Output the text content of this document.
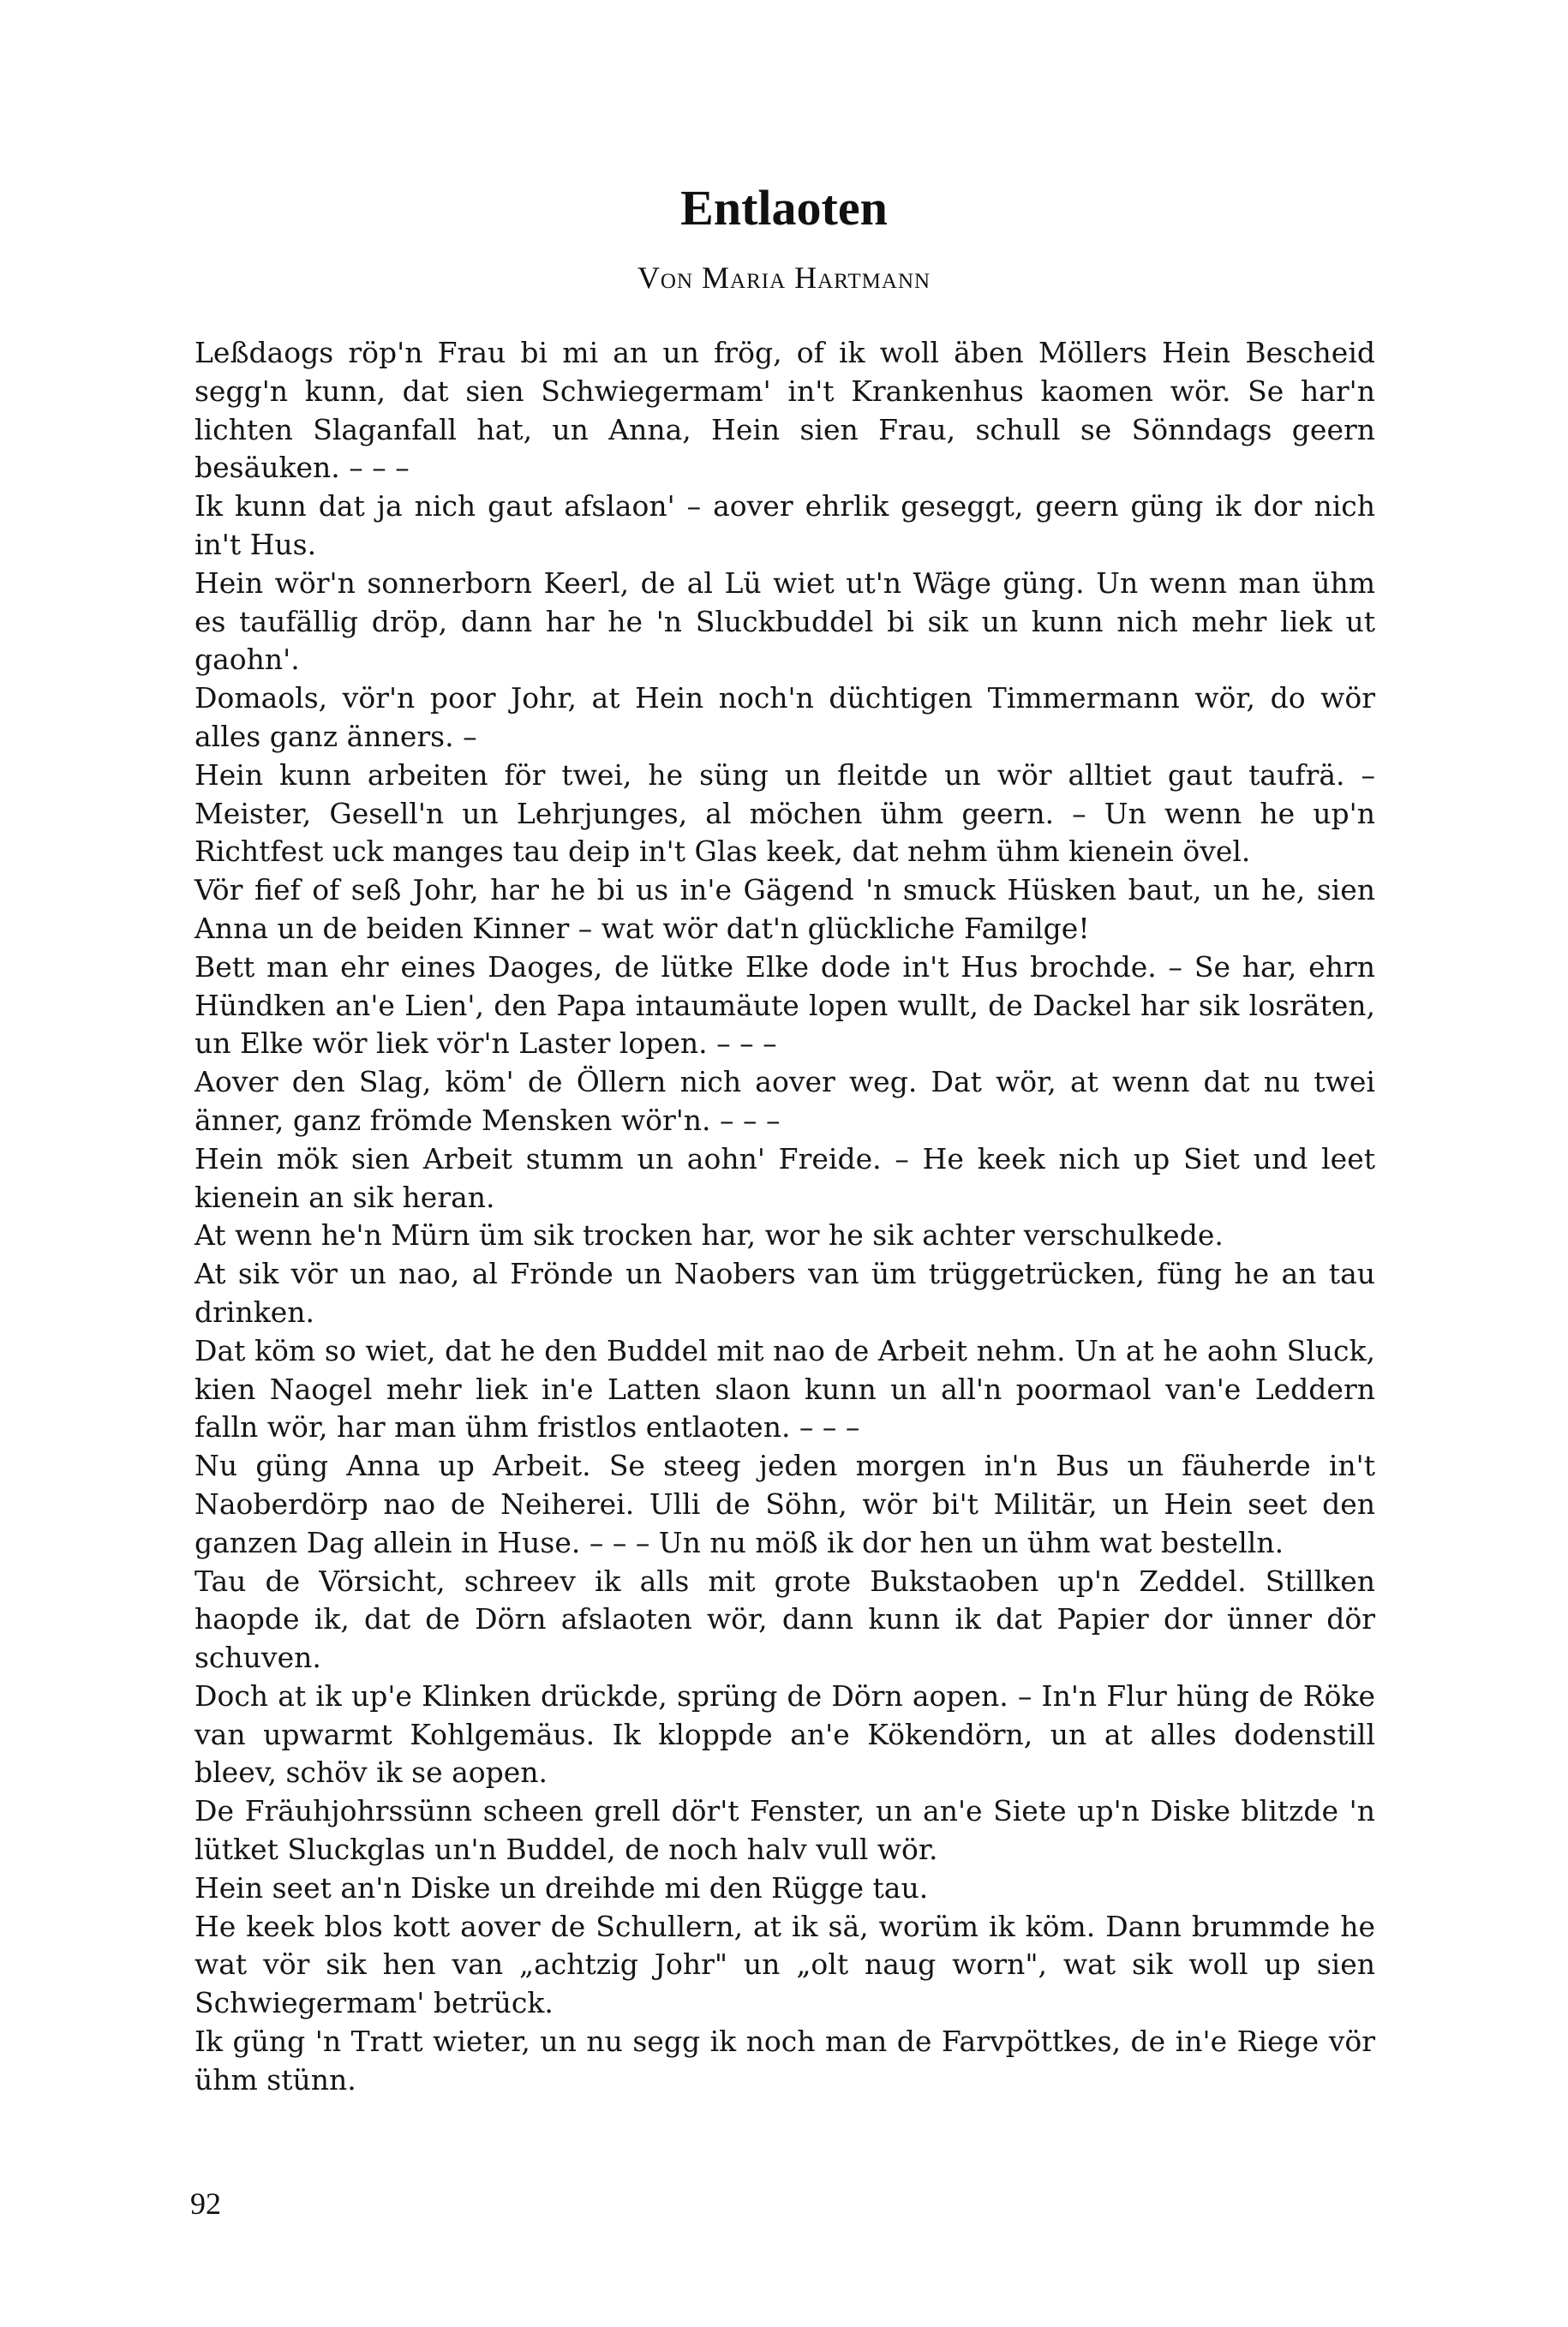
Entlaoten
Von Maria Hartmann

Leßdaogs röp'n Frau bi mi an un frög, of ik woll äben Möllers Hein Bescheid segg'n kunn, dat sien Schwiegermam' in't Krankenhus kaomen wör. Se har'n lichten Slaganfall hat, un Anna, Hein sien Frau, schull se Sönndags geern besäuken. – – –

Ik kunn dat ja nich gaut afslaon' – aover ehrlik geseggt, geern güng ik dor nich in't Hus.

Hein wör'n sonnerborn Keerl, de al Lü wiet ut'n Wäge güng. Un wenn man ühm es taufällig dröp, dann har he 'n Sluckbuddel bi sik un kunn nich mehr liek ut gaohn'.

Domaols, vör'n poor Johr, at Hein noch'n düchtigen Timmermann wör, do wör alles ganz änners. –

Hein kunn arbeiten för twei, he süng un fleitde un wör alltiet gaut taufrä. – Meister, Gesell'n un Lehrjunges, al möchen ühm geern. – Un wenn he up'n Richtfest uck manges tau deip in't Glas keek, dat nehm ühm kienein övel.

Vör fief of seß Johr, har he bi us in'e Gägend 'n smuck Hüsken baut, un he, sien Anna un de beiden Kinner – wat wör dat'n glückliche Familge!

Bett man ehr eines Daoges, de lütke Elke dode in't Hus brochde. – Se har, ehrn Hündken an'e Lien', den Papa intaumäute lopen wullt, de Dackel har sik losräten, un Elke wör liek vör'n Laster lopen. – – –

Aover den Slag, köm' de Öllern nich aover weg. Dat wör, at wenn dat nu twei änner, ganz frömde Mensken wör'n. – – –

Hein mök sien Arbeit stumm un aohn' Freide. – He keek nich up Siet und leet kienein an sik heran.

At wenn he'n Mürn üm sik trocken har, wor he sik achter verschulkede.

At sik vör un nao, al Frönde un Naobers van üm trüggetrücken, füng he an tau drinken.

Dat köm so wiet, dat he den Buddel mit nao de Arbeit nehm. Un at he aohn Sluck, kien Naogel mehr liek in'e Latten slaon kunn un all'n poormaol van'e Leddern falln wör, har man ühm fristlos entlaoten. – – –

Nu güng Anna up Arbeit. Se steeg jeden morgen in'n Bus un fäuherde in't Naoberdörp nao de Neiherei. Ulli de Söhn, wör bi't Militär, un Hein seet den ganzen Dag allein in Huse. – – – Un nu möß ik dor hen un ühm wat bestelln.

Tau de Vörsicht, schreev ik alls mit grote Bukstaoben up'n Zeddel. Stillken haopde ik, dat de Dörn afslaoten wör, dann kunn ik dat Papier dor ünner dör schuven.

Doch at ik up'e Klinken drückde, sprüng de Dörn aopen. – In'n Flur hüng de Röke van upwarmt Kohlgemäus. Ik kloppde an'e Kökendörn, un at alles dodenstill bleev, schöv ik se aopen.

De Fräuhjohrssünn scheen grell dör't Fenster, un an'e Siete up'n Diske blitzde 'n lütket Sluckglas un'n Buddel, de noch halv vull wör.

Hein seet an'n Diske un dreihde mi den Rügge tau.

He keek blos kott aover de Schullern, at ik sä, worüm ik köm. Dann brummde he wat vör sik hen van „achtzig Johr" un „olt naug worn", wat sik woll up sien Schwiegermam' betrück.

Ik güng 'n Tratt wieter, un nu segg ik noch man de Farvpöttkes, de in'e Riege vör ühm stünn.

92
